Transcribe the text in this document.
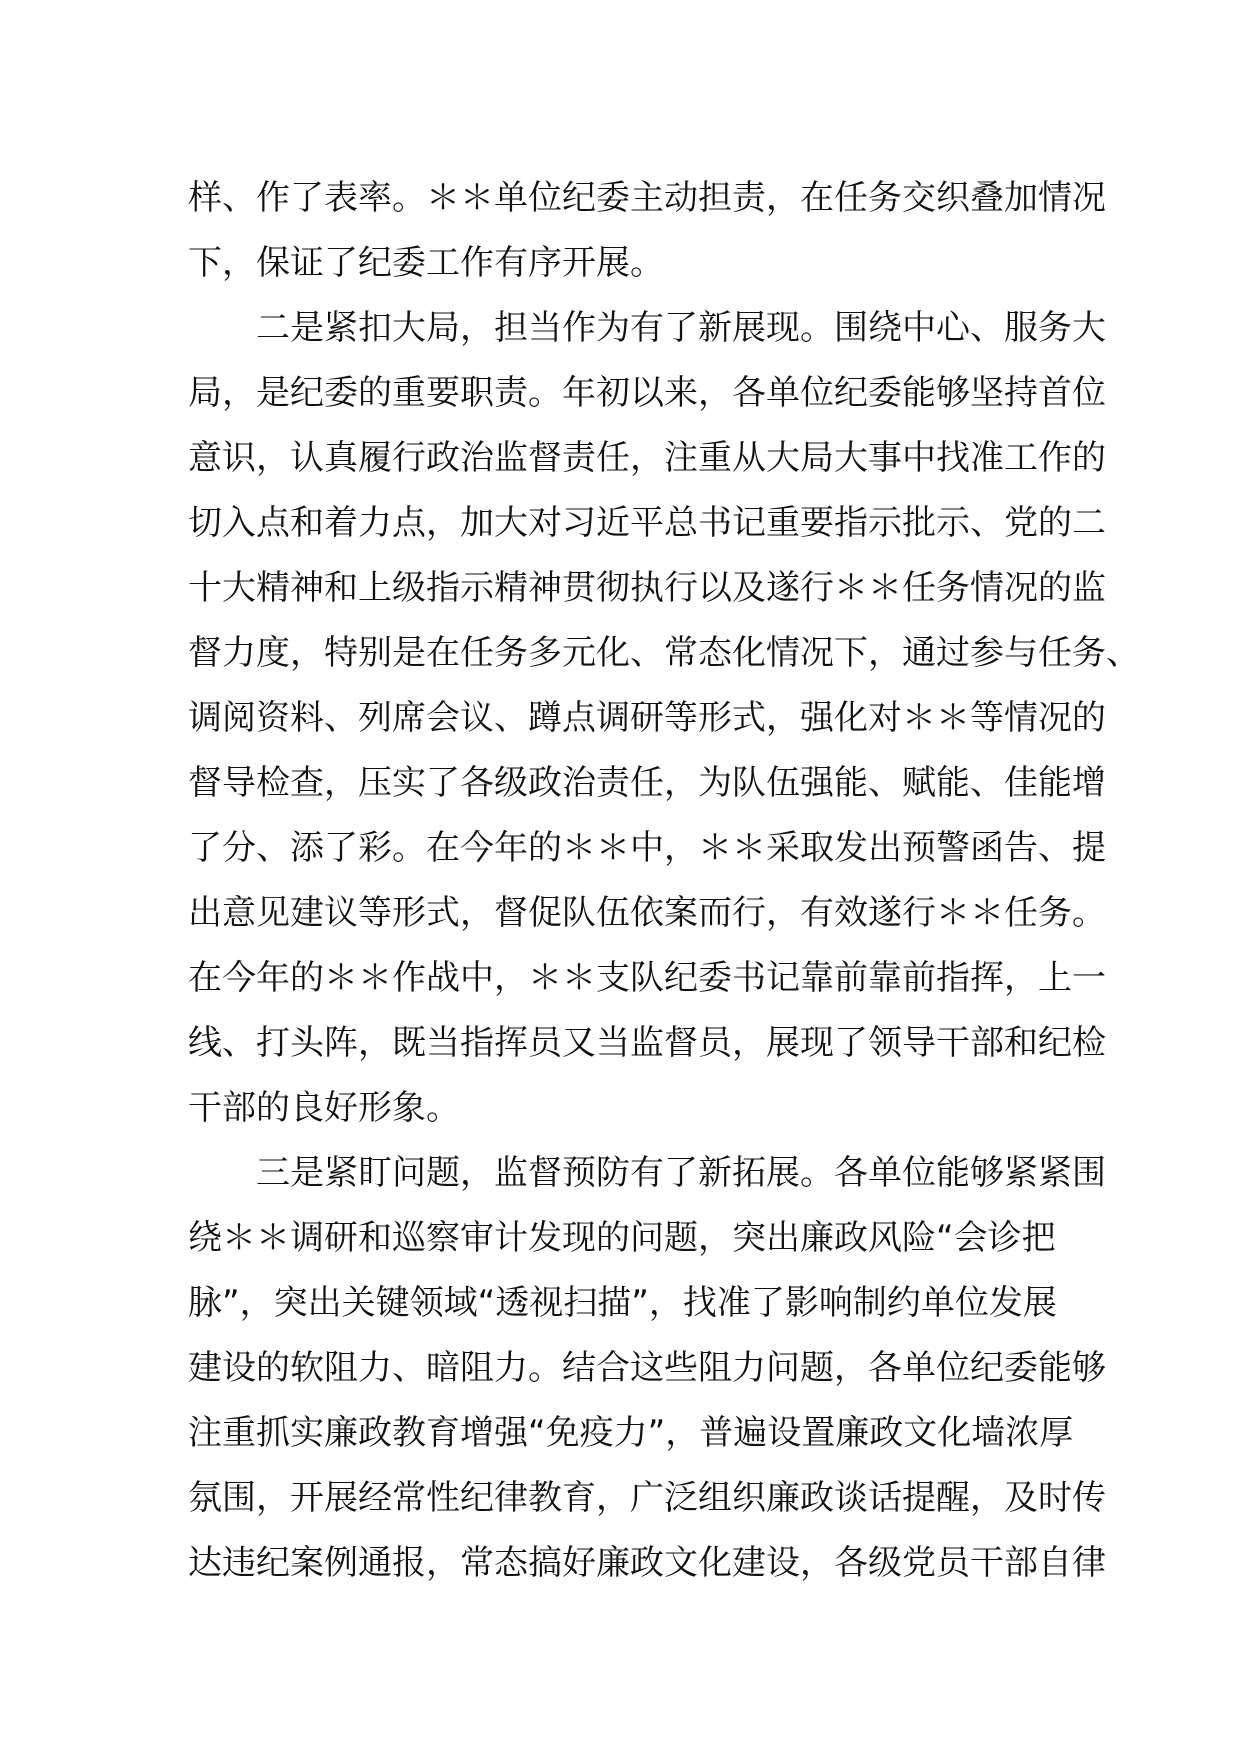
样、作了表率。＊＊单位纪委主动担责，在任务交织叠加情况
下，保证了纪委工作有序开展。
二是紧扣大局，担当作为有了新展现。围绕中心、服务大
局，是纪委的重要职责。年初以来，各单位纪委能够坚持首位
意识，认真履行政治监督责任，注重从大局大事中找准工作的
切入点和着力点，加大对习近平总书记重要指示批示、党的二
十大精神和上级指示精神贯彻执行以及遂行＊＊任务情况的监
督力度，特别是在任务多元化、常态化情况下，通过参与任务、
调阅资料、列席会议、蹲点调研等形式，强化对＊＊等情况的
督导检查，压实了各级政治责任，为队伍强能、赋能、佳能增
了分、添了彩。在今年的＊＊中，＊＊采取发出预警函告、提
出意见建议等形式，督促队伍依案而行，有效遂行＊＊任务。
在今年的＊＊作战中，＊＊支队纪委书记靠前靠前指挥，上一
线、打头阵，既当指挥员又当监督员，展现了领导干部和纪检
干部的良好形象。
三是紧盯问题，监督预防有了新拓展。各单位能够紧紧围
绕＊＊调研和巡察审计发现的问题，突出廉政风险“会诊把
脉”，突出关键领域“透视扫描”，找准了影响制约单位发展
建设的软阻力、暗阻力。结合这些阻力问题，各单位纪委能够
注重抓实廉政教育增强“免疫力”，普遍设置廉政文化墙浓厚
氛围，开展经常性纪律教育，广泛组织廉政谈话提醒，及时传
达违纪案例通报，常态搞好廉政文化建设，各级党员干部自律
